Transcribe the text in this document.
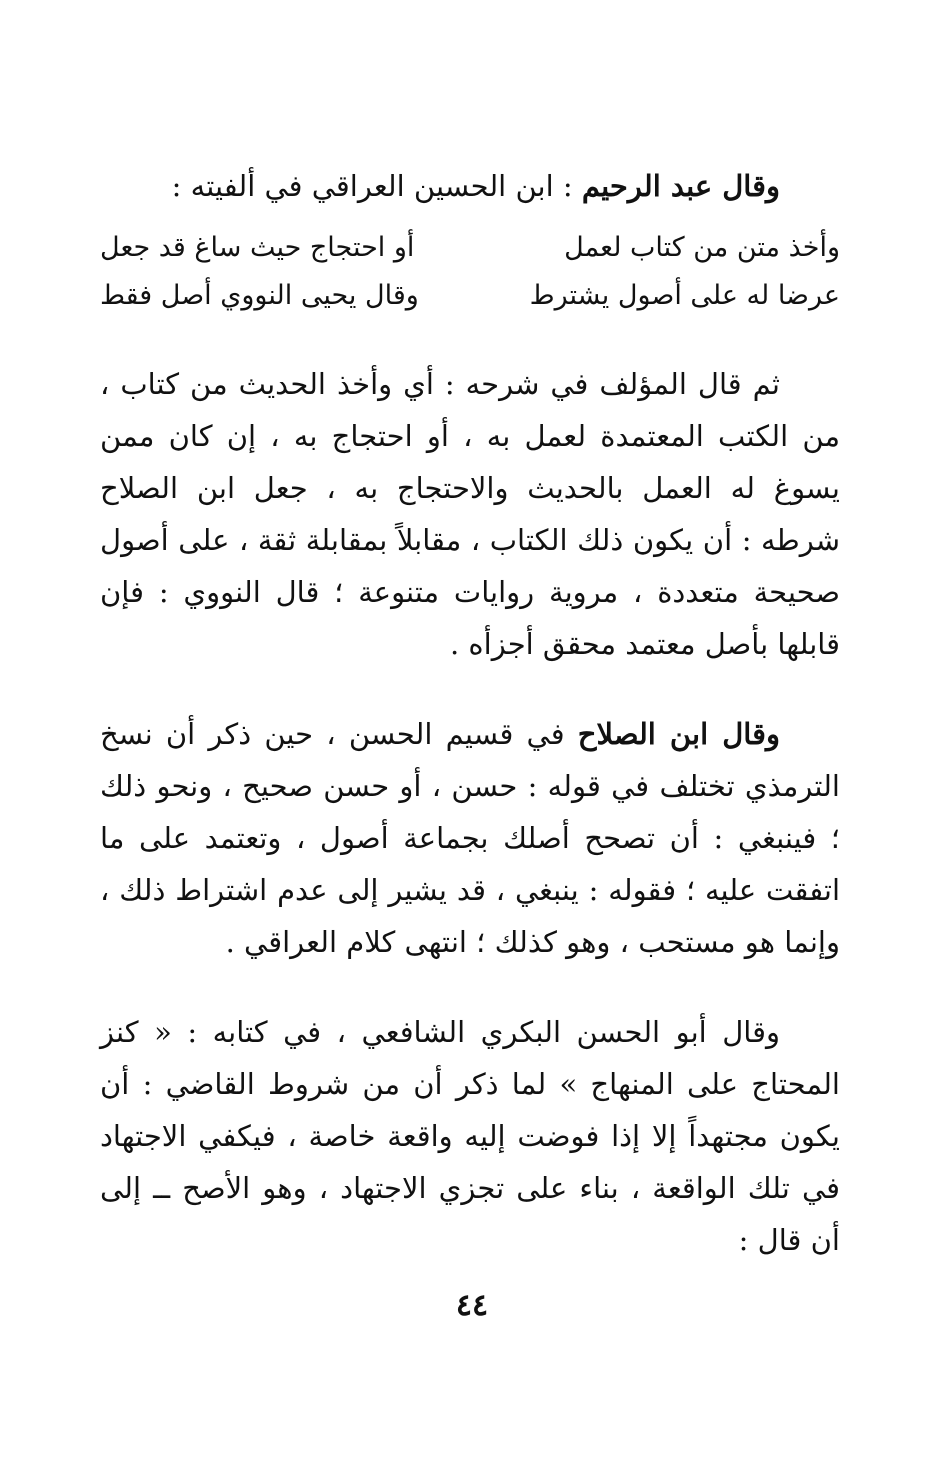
وقال عبد الرحيم : ابن الحسين العراقي في ألفيته :
وأخذ متن من كتاب لعمل
أو احتجاج حيث ساغ قد جعل
عرضا له على أصول يشترط
وقال يحيى النووي أصل فقط

ثم قال المؤلف في شرحه : أي وأخذ الحديث من كتاب ، من الكتب المعتمدة لعمل به ، أو احتجاج به ، إن كان ممن يسوغ له العمل بالحديث والاحتجاج به ، جعل ابن الصلاح شرطه : أن يكون ذلك الكتاب ، مقابلاً بمقابلة ثقة ، على أصول صحيحة متعددة ، مروية روايات متنوعة ؛ قال النووي : فإن قابلها بأصل معتمد محقق أجزأه .

وقال ابن الصلاح في قسيم الحسن ، حين ذكر أن نسخ الترمذي تختلف في قوله : حسن ، أو حسن صحيح ، ونحو ذلك ؛ فينبغي : أن تصحح أصلك بجماعة أصول ، وتعتمد على ما اتفقت عليه ؛ فقوله : ينبغي ، قد يشير إلى عدم اشتراط ذلك ، وإنما هو مستحب ، وهو كذلك ؛ انتهى كلام العراقي .

وقال أبو الحسن البكري الشافعي ، في كتابه : « كنز المحتاج على المنهاج » لما ذكر أن من شروط القاضي : أن يكون مجتهداً إلا إذا فوضت إليه واقعة خاصة ، فيكفي الاجتهاد في تلك الواقعة ، بناء على تجزي الاجتهاد ، وهو الأصح ــ إلى أن قال :

٤٤
